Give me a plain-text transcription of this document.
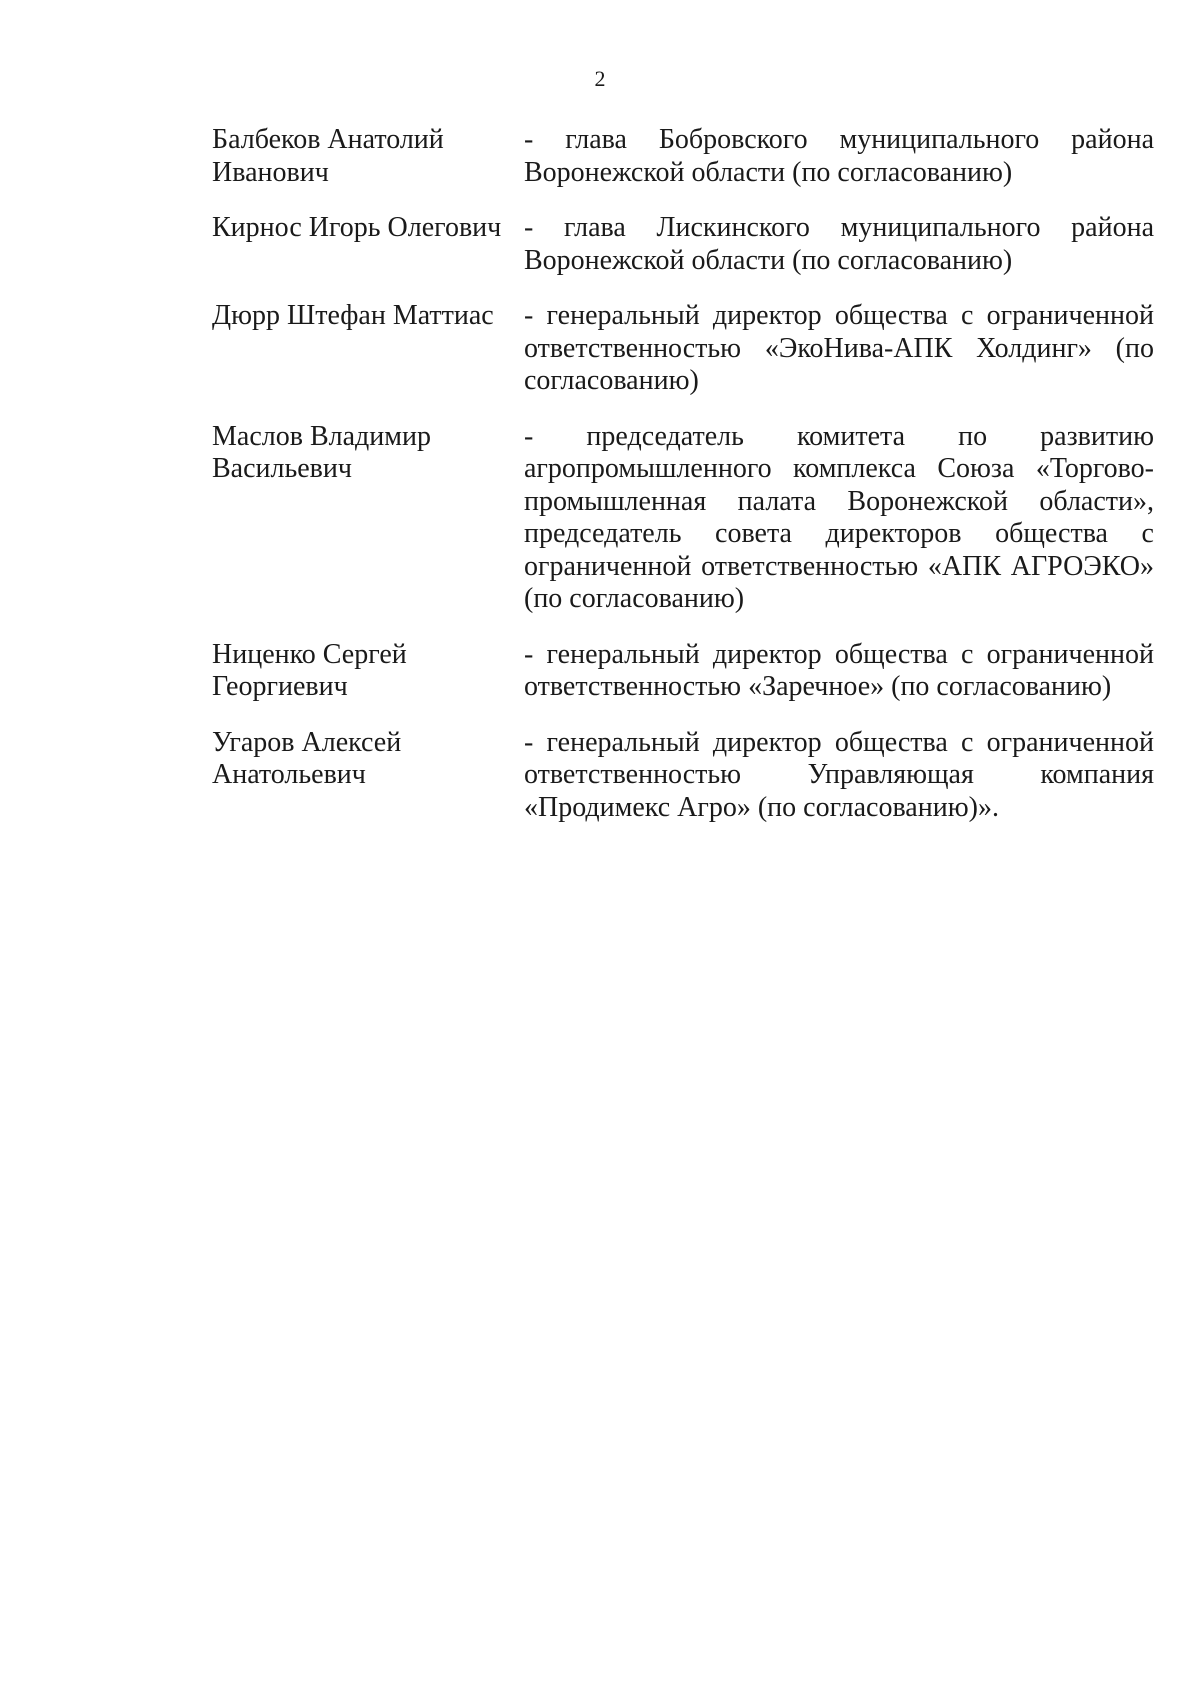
2
Балбеков Анатолий
Иванович
- глава Бобровского муниципального района
Воронежской области (по согласованию)
Кирнос Игорь Олегович - глава Лискинского муниципального района
Воронежской области (по согласованию)
Дюрр Штефан Маттиас	- генеральный директор общества с ограниченной
ответственностью «ЭкоНива-АПК Холдинг» (по
согласованию)
Маслов Владимир
Васильевич
- председатель комитета по развитию
агропромышленного комплекса Союза «Торгово-
промышленная палата Воронежской области»,
председатель совета директоров общества с
ограниченной ответственностью «АПК АГРОЭКО»
(по согласованию)
Ниценко Сергей
Георгиевич
- генеральный директор общества с ограниченной
ответственностью «Заречное» (по согласованию)
Угаров Алексей
Анатольевич
- генеральный директор общества с ограниченной
ответственностью Управляющая компания
«Продимекс Агро» (по согласованию)».
